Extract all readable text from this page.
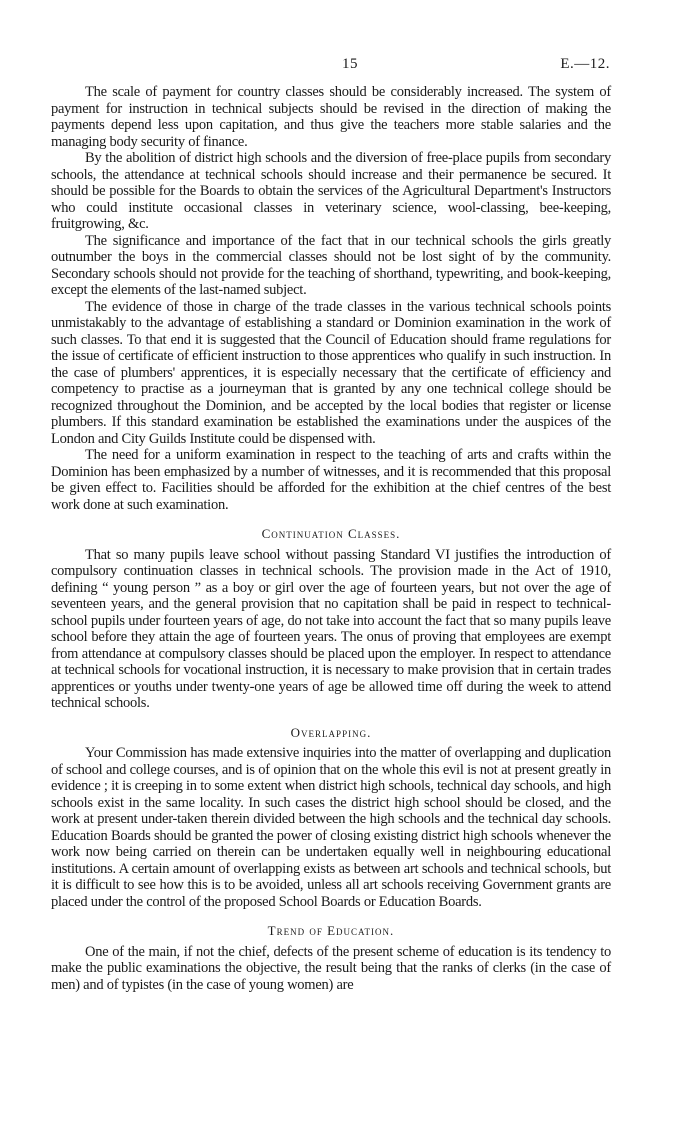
15	E.—12.

The scale of payment for country classes should be considerably increased. The system of payment for instruction in technical subjects should be revised in the direction of making the payments depend less upon capitation, and thus give the teachers more stable salaries and the managing body security of finance.

By the abolition of district high schools and the diversion of free-place pupils from secondary schools, the attendance at technical schools should increase and their permanence be secured. It should be possible for the Boards to obtain the services of the Agricultural Department's Instructors who could institute occasional classes in veterinary science, wool-classing, bee-keeping, fruitgrowing, &c.

The significance and importance of the fact that in our technical schools the girls greatly outnumber the boys in the commercial classes should not be lost sight of by the community. Secondary schools should not provide for the teaching of shorthand, typewriting, and book-keeping, except the elements of the last-named subject.

The evidence of those in charge of the trade classes in the various technical schools points unmistakably to the advantage of establishing a standard or Dominion examination in the work of such classes. To that end it is suggested that the Council of Education should frame regulations for the issue of certificate of efficient instruction to those apprentices who qualify in such instruction. In the case of plumbers' apprentices, it is especially necessary that the certificate of efficiency and competency to practise as a journeyman that is granted by any one technical college should be recognized throughout the Dominion, and be accepted by the local bodies that register or license plumbers. If this standard examination be established the examinations under the auspices of the London and City Guilds Institute could be dispensed with.

The need for a uniform examination in respect to the teaching of arts and crafts within the Dominion has been emphasized by a number of witnesses, and it is recommended that this proposal be given effect to. Facilities should be afforded for the exhibition at the chief centres of the best work done at such examination.

Continuation Classes.

That so many pupils leave school without passing Standard VI justifies the introduction of compulsory continuation classes in technical schools. The provision made in the Act of 1910, defining “ young person ” as a boy or girl over the age of fourteen years, but not over the age of seventeen years, and the general provision that no capitation shall be paid in respect to technical-school pupils under fourteen years of age, do not take into account the fact that so many pupils leave school before they attain the age of fourteen years. The onus of proving that employees are exempt from attendance at compulsory classes should be placed upon the employer. In respect to attendance at technical schools for vocational instruction, it is necessary to make provision that in certain trades apprentices or youths under twenty-one years of age be allowed time off during the week to attend technical schools.

Overlapping.

Your Commission has made extensive inquiries into the matter of overlapping and duplication of school and college courses, and is of opinion that on the whole this evil is not at present greatly in evidence ; it is creeping in to some extent when district high schools, technical day schools, and high schools exist in the same locality. In such cases the district high school should be closed, and the work at present under-taken therein divided between the high schools and the technical day schools. Education Boards should be granted the power of closing existing district high schools whenever the work now being carried on therein can be undertaken equally well in neighbouring educational institutions. A certain amount of overlapping exists as between art schools and technical schools, but it is difficult to see how this is to be avoided, unless all art schools receiving Government grants are placed under the control of the proposed School Boards or Education Boards.

Trend of Education.

One of the main, if not the chief, defects of the present scheme of education is its tendency to make the public examinations the objective, the result being that the ranks of clerks (in the case of men) and of typistes (in the case of young women) are
